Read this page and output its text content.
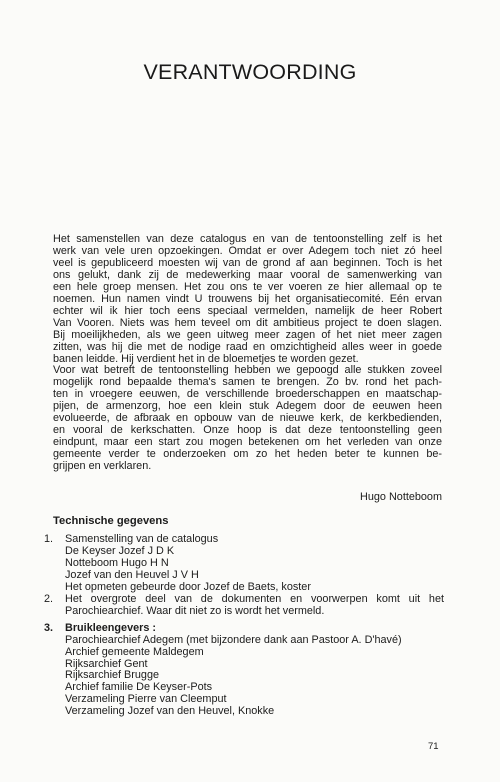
VERANTWOORDING
Het samenstellen van deze catalogus en van de tentoonstelling zelf is het
werk van vele uren opzoekingen. Omdat er over Adegem toch niet zó heel
veel is gepubliceerd moesten wij van de grond af aan beginnen. Toch is het
ons gelukt, dank zij de medewerking maar vooral de samenwerking van
een hele groep mensen. Het zou ons te ver voeren ze hier allemaal op te
noemen. Hun namen vindt U trouwens bij het organisatiecomité. Eén ervan
echter wil ik hier toch eens speciaal vermelden, namelijk de heer Robert
Van Vooren. Niets was hem teveel om dit ambitieus project te doen slagen.
Bij moeilijkheden, als we geen uitweg meer zagen of het niet meer zagen
zitten, was hij die met de nodige raad en omzichtigheid alles weer in goede
banen leidde. Hij verdient het in de bloemetjes te worden gezet.
Voor wat betreft de tentoonstelling hebben we gepoogd alle stukken zoveel
mogelijk rond bepaalde thema's samen te brengen. Zo bv. rond het pach-
ten in vroegere eeuwen, de verschillende broederschappen en maatschap-
pijen, de armenzorg, hoe een klein stuk Adegem door de eeuwen heen
evolueerde, de afbraak en opbouw van de nieuwe kerk, de kerkbedienden,
en vooral de kerkschatten. Onze hoop is dat deze tentoonstelling geen
eindpunt, maar een start zou mogen betekenen om het verleden van onze
gemeente verder te onderzoeken om zo het heden beter te kunnen be-
grijpen en verklaren.
Hugo Notteboom
Technische gegevens
1. Samenstelling van de catalogus
De Keyser Jozef J D K
Notteboom Hugo H N
Jozef van den Heuvel J V H
Het opmeten gebeurde door Jozef de Baets, koster
2. Het overgrote deel van de dokumenten en voorwerpen komt uit het
Parochiearchief. Waar dit niet zo is wordt het vermeld.
3. Bruikleengevers :
Parochiearchief Adegem (met bijzondere dank aan Pastoor A. D'havé)
Archief gemeente Maldegem
Rijksarchief Gent
Rijksarchief Brugge
Archief familie De Keyser-Pots
Verzameling Pierre van Cleemput
Verzameling Jozef van den Heuvel, Knokke
71
